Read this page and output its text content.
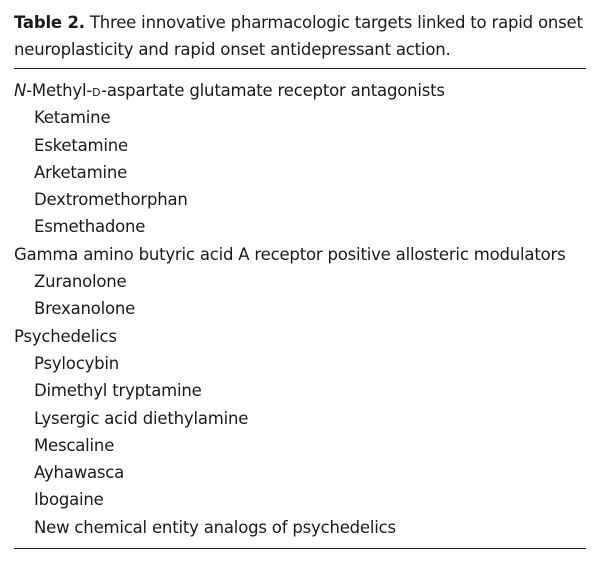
Table 2. Three innovative pharmacologic targets linked to rapid onset neuroplasticity and rapid onset antidepressant action.
N-Methyl-D-aspartate glutamate receptor antagonists
Ketamine
Esketamine
Arketamine
Dextromethorphan
Esmethadone
Gamma amino butyric acid A receptor positive allosteric modulators
Zuranolone
Brexanolone
Psychedelics
Psylocybin
Dimethyl tryptamine
Lysergic acid diethylamine
Mescaline
Ayhawasca
Ibogaine
New chemical entity analogs of psychedelics
